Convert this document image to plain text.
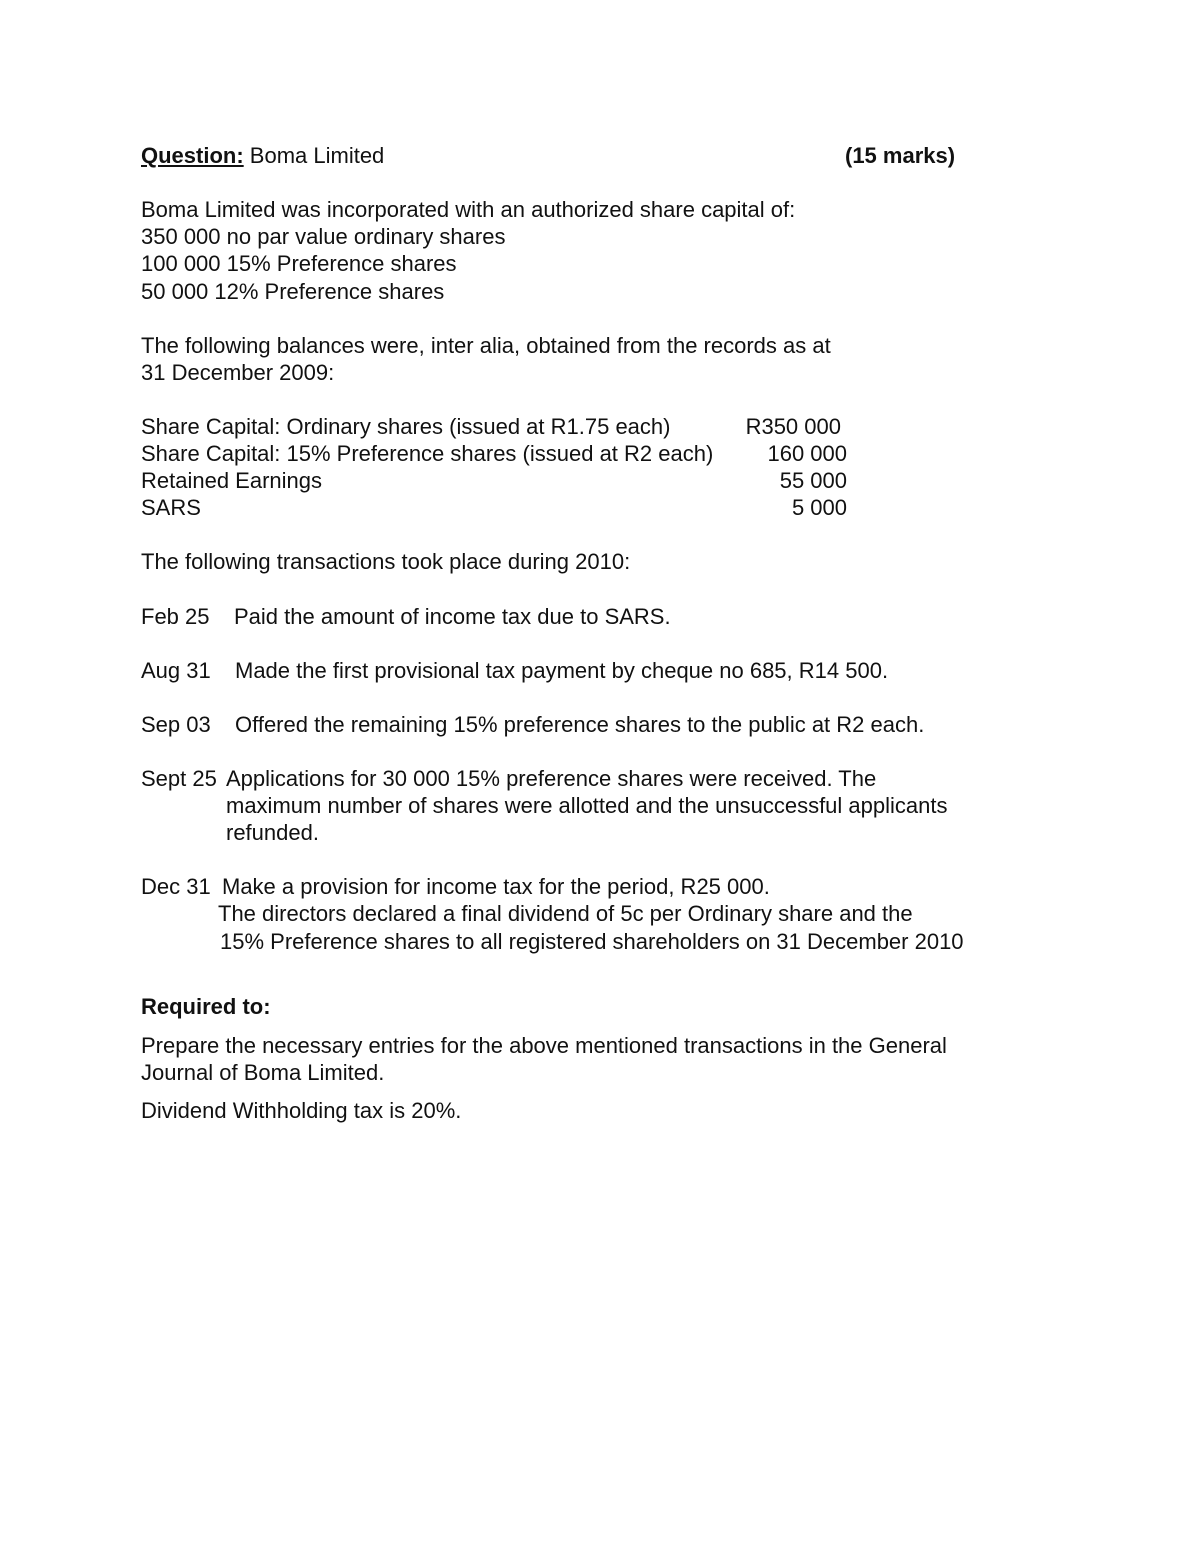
Question: Boma Limited	(15 marks)
Boma Limited was incorporated with an authorized share capital of:
350 000 no par value ordinary shares
100 000 15% Preference shares
50 000 12% Preference shares
The following balances were, inter alia, obtained from the records as at
31 December 2009:
Share Capital: Ordinary shares (issued at R1.75 each)	R350 000
Share Capital: 15% Preference shares (issued at R2 each) 160 000
Retained Earnings	55 000
SARS	5 000
The following transactions took place during 2010:
Feb 25 Paid the amount of income tax due to SARS.
Aug 31 Made the first provisional tax payment by cheque no 685, R14 500.
Sep 03 Offered the remaining 15% preference shares to the public at R2 each.
Sept 25 Applications for 30 000 15% preference shares were received. The
maximum number of shares were allotted and the unsuccessful applicants
refunded.
Dec 31 Make a provision for income tax for the period, R25 000.
The directors declared a final dividend of 5c per Ordinary share and the
15% Preference shares to all registered shareholders on 31 December 2010
Required to:
Prepare the necessary entries for the above mentioned transactions in the General
Journal of Boma Limited.
Dividend Withholding tax is 20%.
